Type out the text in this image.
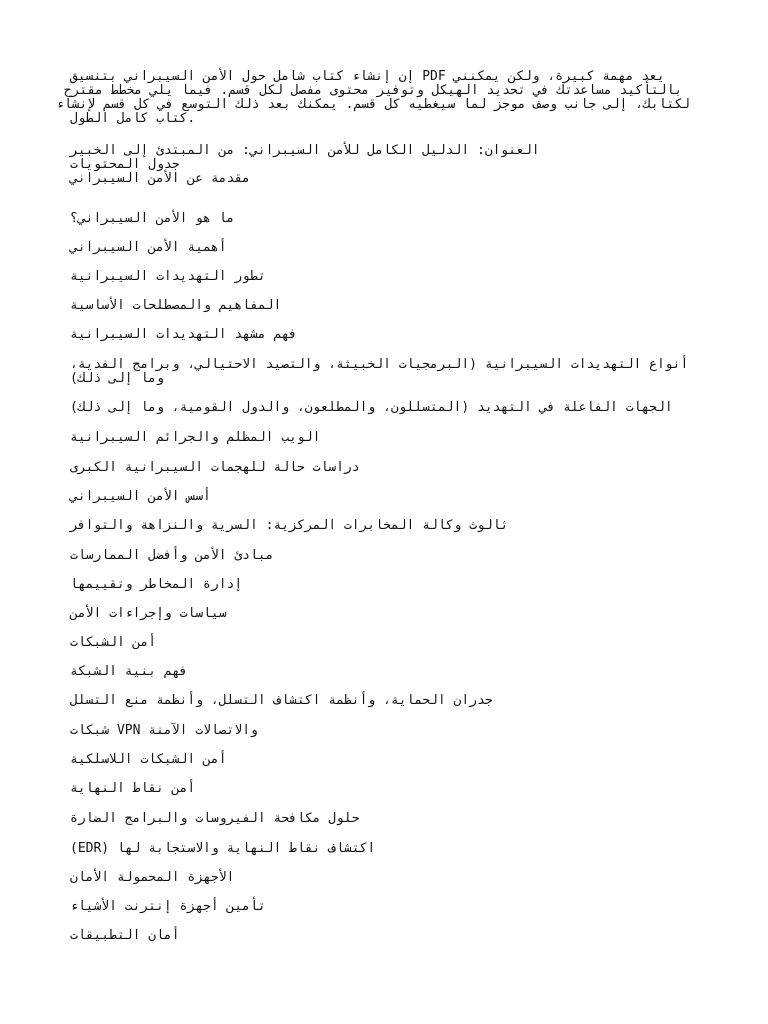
يعد مهمة كبيرة، ولكن يمكنني PDF إن إنشاء كتاب شامل حول الأمن السيبراني بتنسيق
بالتأكيد مساعدتك في تحديد الهيكل وتوفير محتوى مفصل لكل قسم. فيما يلي مخطط مقترح
لكتابك، إلى جانب وصف موجز لما سيغطيه كل قسم. يمكنك بعد ذلك التوسع في كل قسم لإنشاء
.كتاب كامل الطول
العنوان: الدليل الكامل للأمن السيبراني: من المبتدئ إلى الخبير
جدول المحتويات
مقدمة عن الأمن السيبراني
ما هو الأمن السيبراني؟
أهمية الأمن السيبراني
تطور التهديدات السيبرانية
المفاهيم والمصطلحات الأساسية
فهم مشهد التهديدات السيبرانية
أنواع التهديدات السيبرانية (البرمجيات الخبيثة، والتصيد الاحتيالي، وبرامج الفدية،
وما إلى ذلك)
الجهات الفاعلة في التهديد (المتسللون، والمطلعون، والدول القومية، وما إلى ذلك)
الويب المظلم والجرائم السيبرانية
دراسات حالة للهجمات السيبرانية الكبرى
أسس الأمن السيبراني
ثالوث وكالة المخابرات المركزية: السرية والنزاهة والتوافر
مبادئ الأمن وأفضل الممارسات
إدارة المخاطر وتقييمها
سياسات وإجراءات الأمن
أمن الشبكات
فهم بنية الشبكة
جدران الحماية، وأنظمة اكتشاف التسلل، وأنظمة منع التسلل
والاتصالات الآمنة VPN شبكات
أمن الشبكات اللاسلكية
أمن نقاط النهاية
حلول مكافحة الفيروسات والبرامج الضارة
(EDR) اكتشاف نقاط النهاية والاستجابة لها
الأجهزة المحمولة الأمان
تأمين أجهزة إنترنت الأشياء
أمان التطبيقات
